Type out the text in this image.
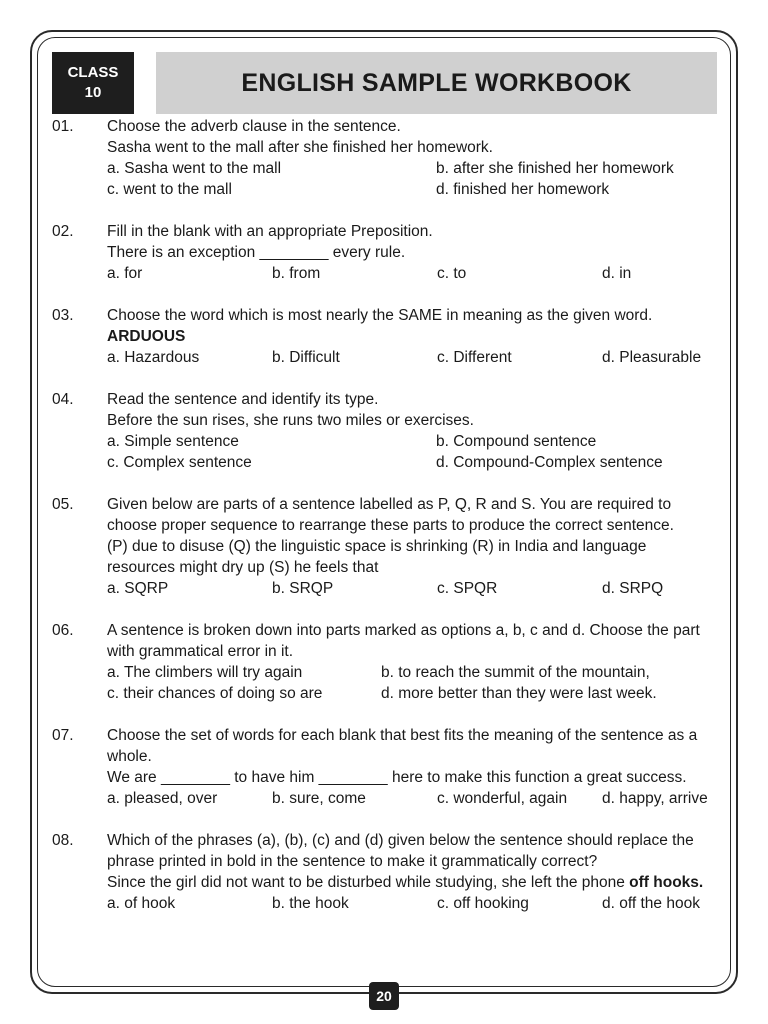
CLASS
10	ENGLISH SAMPLE WORKBOOK
01. Choose the adverb clause in the sentence.
Sasha went to the mall after she finished her homework.
a. Sasha went to the mall	b. after she finished her homework
c. went to the mall	d. finished her homework
02. Fill in the blank with an appropriate Preposition.
There is an exception ________ every rule.
a. for	b. from	c. to	d. in
03. Choose the word which is most nearly the SAME in meaning as the given word.
ARDUOUS
a. Hazardous	b. Difficult	c. Different	d. Pleasurable
04. Read the sentence and identify its type.
Before the sun rises, she runs two miles or exercises.
a. Simple sentence	b. Compound sentence
c. Complex sentence	d. Compound-Complex sentence
05. Given below are parts of a sentence labelled as P, Q, R and S. You are required to
choose proper sequence to rearrange these parts to produce the correct sentence.
(P) due to disuse (Q) the linguistic space is shrinking (R) in India and language
resources might dry up (S) he feels that
a. SQRP	b. SRQP	c. SPQR	d. SRPQ
06. A sentence is broken down into parts marked as options a, b, c and d. Choose the part
with grammatical error in it.
a. The climbers will try again	b. to reach the summit of the mountain,
c. their chances of doing so are	d. more better than they were last week.
07. Choose the set of words for each blank that best fits the meaning of the sentence as a
whole.
We are ________ to have him ________ here to make this function a great success.
a. pleased, over	b. sure, come	c. wonderful, again	d. happy, arrive
08. Which of the phrases (a), (b), (c) and (d) given below the sentence should replace the
phrase printed in bold in the sentence to make it grammatically correct?
Since the girl did not want to be disturbed while studying, she left the phone off hooks.
a. of hook	b. the hook	c. off hooking	d. off the hook
20
